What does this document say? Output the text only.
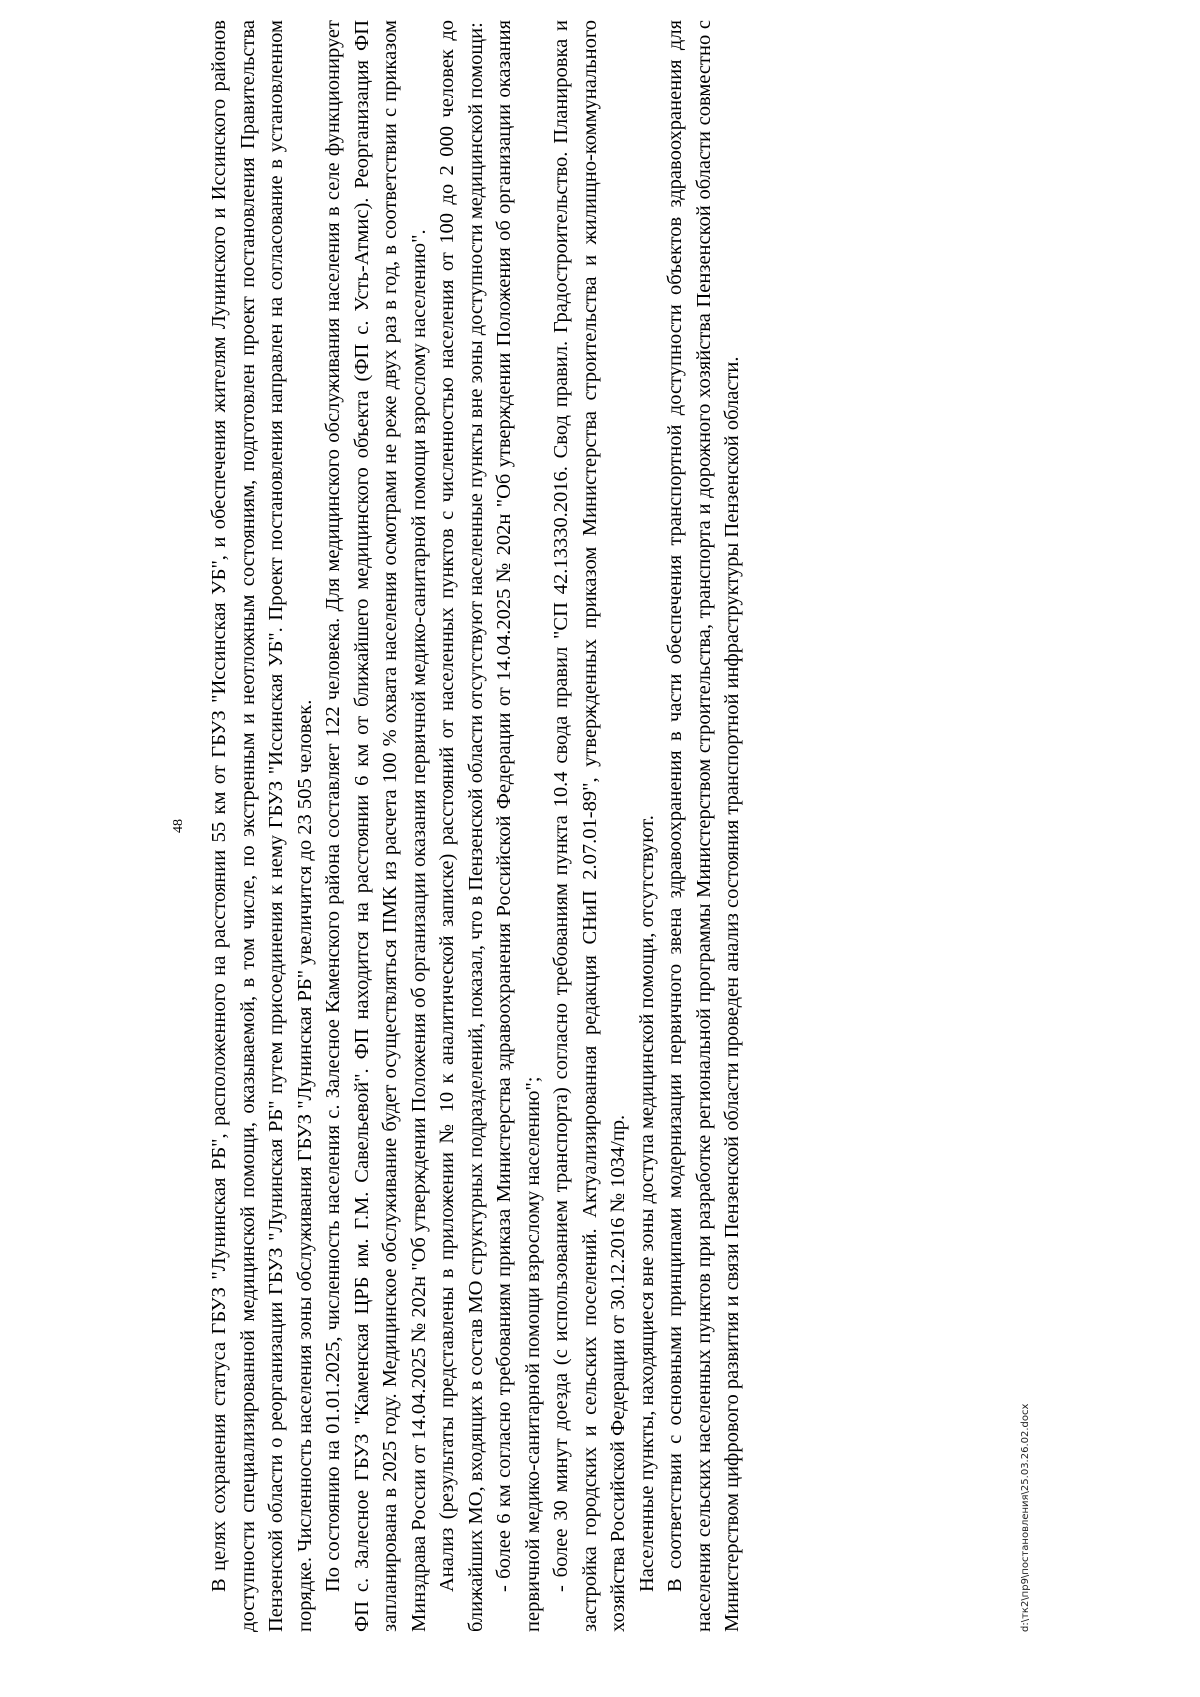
48 В целях сохранения статуса ГБУЗ "Лунинская РБ", расположенного на расстоянии 55 км от ГБУЗ "Иссинская УБ", и обеспечения жителям Лунинского и Иссинского районов доступности специализированной медицинской помощи, оказываемой, в том числе, по экстренным и неотложным состояниям, подготовлен проект постановления Правительства Пензенской области о реорганизации ГБУЗ "Лунинская РБ" путем присоединения к нему ГБУЗ "Иссинская УБ". Проект постановления направлен на согласование в установленном порядке. Численность населения зоны обслуживания ГБУЗ "Лунинская РБ" увеличится до 23 505 человек. По состоянию на 01.01.2025, численность населения с. Залесное Каменского района составляет 122 человека. Для медицинского обслуживания населения в селе функционирует ФП с. Залесное ГБУЗ "Каменская ЦРБ им. Г.М. Савельевой". ФП находится на расстоянии 6 км от ближайшего медицинского объекта (ФП с. Усть-Атмис). Реорганизация ФП запланирована в 2025 году. Медицинское обслуживание будет осуществляться ПМК из расчета 100 % охвата населения осмотрами не реже двух раз в год, в соответствии с приказом Минздрава России от 14.04.2025 № 202н "Об утверждении Положения об организации оказания первичной медико-санитарной помощи взрослому населению". Анализ (результаты представлены в приложении № 10 к аналитической записке) расстояний от населенных пунктов с численностью населения от 100 до 2 000 человек до ближайших МО, входящих в состав МО структурных подразделений, показал, что в Пензенской области отсутствуют населенные пункты вне зоны доступности медицинской помощи: - более 6 км согласно требованиям приказа Министерства здравоохранения Российской Федерации от 14.04.2025 № 202н "Об утверждении Положения об организации оказания первичной медико-санитарной помощи взрослому населению"; - более 30 минут доезда (с использованием транспорта) согласно требованиям пункта 10.4 свода правил "СП 42.13330.2016. Свод правил. Градостроительство. Планировка и застройка городских и сельских поселений. Актуализированная редакция СНиП 2.07.01-89", утвержденных приказом Министерства строительства и жилищно-коммунального хозяйства Российской Федерации от 30.12.2016 № 1034/пр. Населенные пункты, находящиеся вне зоны доступа медицинской помощи, отсутствуют. В соответствии с основными принципами модернизации первичного звена здравоохранения в части обеспечения транспортной доступности объектов здравоохранения для населения сельских населенных пунктов при разработке региональной программы Министерством строительства, транспорта и дорожного хозяйства Пензенской области совместно с Министерством цифрового развития и связи Пензенской области проведен анализ состояния транспортной инфраструктуры Пензенской области.	d:\тк2\пр9\постановления\25.03.26.02.docx
